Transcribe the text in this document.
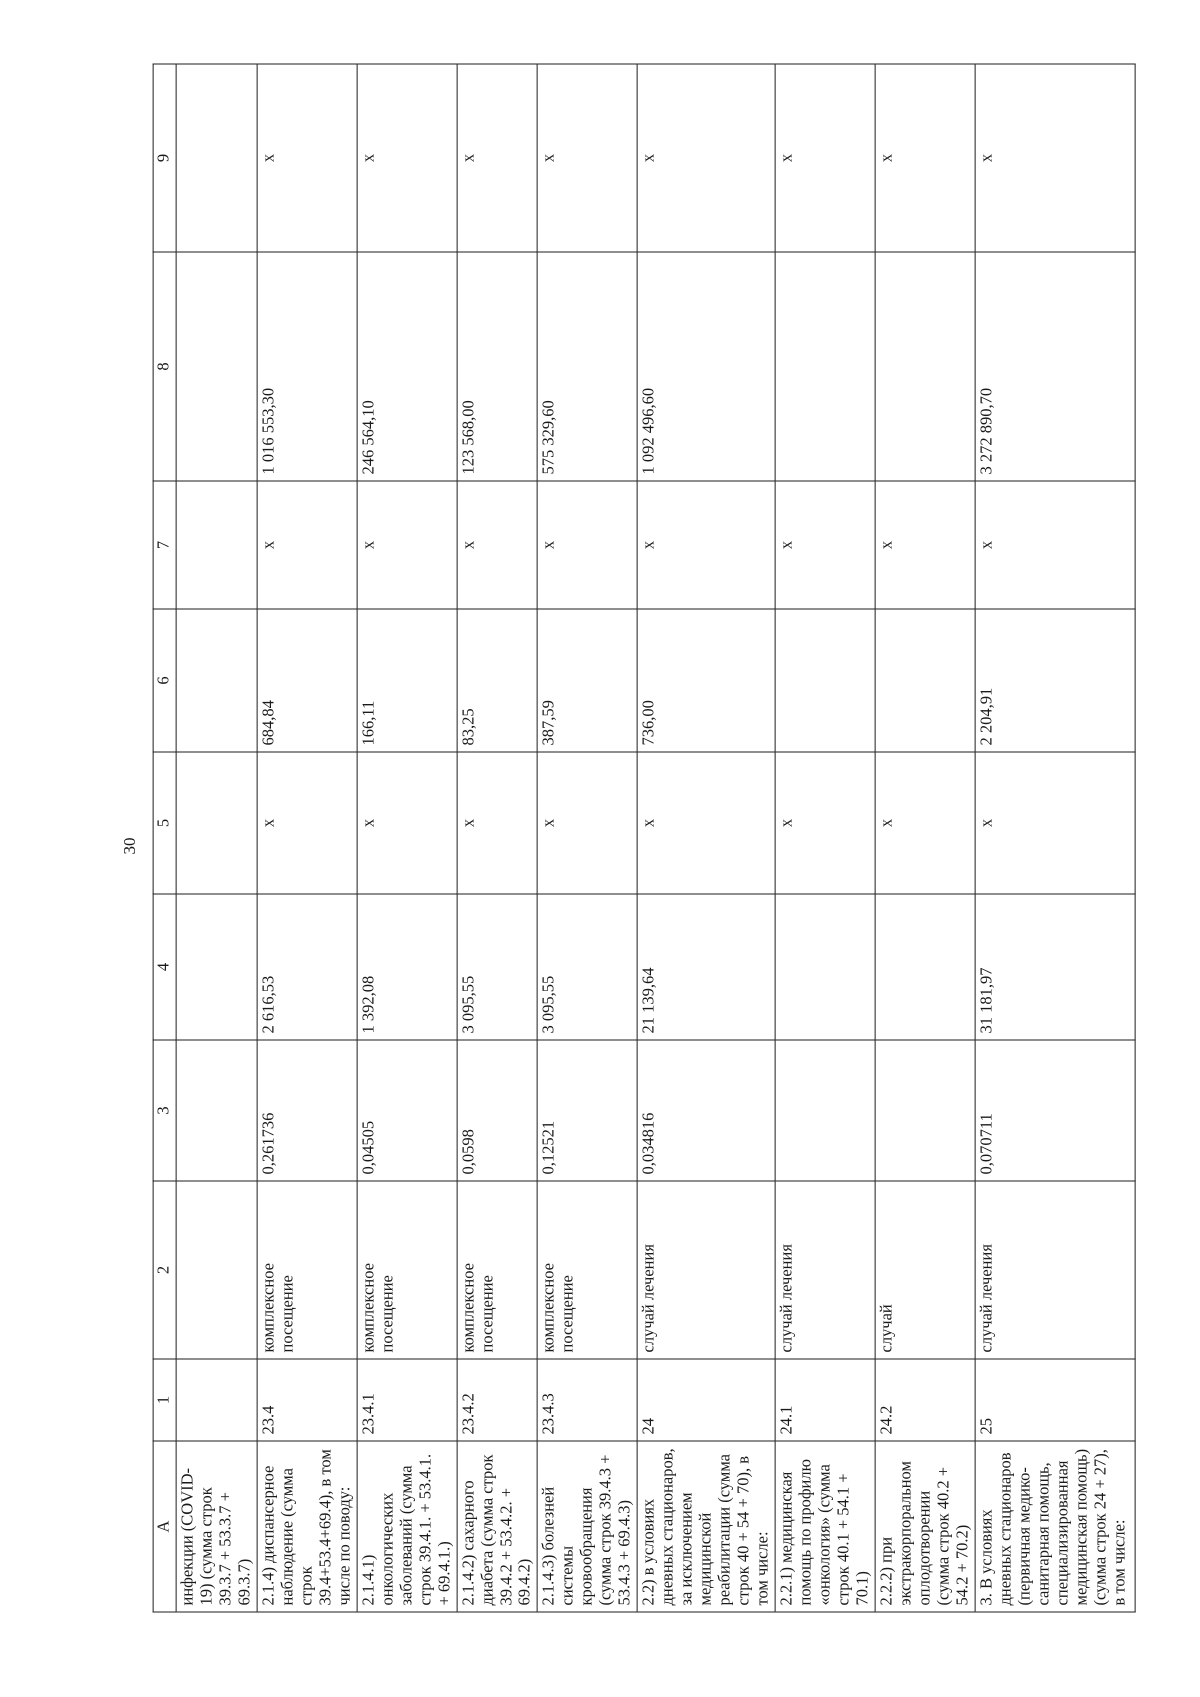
30
А	1	2	3	4	5	6	7	8	9
инфекции (COVID-19) (сумма строк 39.3.7 + 53.3.7 + 69.3.7)									
2.1.4) диспансерное наблюдение (сумма строк 39.4+53.4+69.4), в том числе по поводу:	23.4	комплексное посещение	0,261736	2 616,53	x	684,84	x	1 016 553,30	x
2.1.4.1) онкологических заболеваний (сумма строк 39.4.1. + 53.4.1. + 69.4.1.)	23.4.1	комплексное посещение	0,04505	1 392,08	x	166,11	x	246 564,10	x
2.1.4.2) сахарного диабета (сумма строк 39.4.2 + 53.4.2. + 69.4.2)	23.4.2	комплексное посещение	0,0598	3 095,55	x	83,25	x	123 568,00	x
2.1.4.3) болезней системы кровообращения (сумма строк 39.4.3 + 53.4.3 + 69.4.3)	23.4.3	комплексное посещение	0,12521	3 095,55	x	387,59	x	575 329,60	x
2.2) в условиях дневных стационаров, за исключением медицинской реабилитации (сумма строк 40 + 54 + 70), в том числе:	24	случай лечения	0,034816	21 139,64	x	736,00	x	1 092 496,60	x
2.2.1) медицинская помощь по профилю «онкология» (сумма строк 40.1 + 54.1 + 70.1)	24.1	случай лечения			x		x		x
2.2.2) при экстракорпоральном оплодотворении (сумма строк 40.2 + 54.2 + 70.2)	24.2	случай			x		x		x
3. В условиях дневных стационаров (первичная медико-санитарная помощь, специализированная медицинская помощь) (сумма строк 24 + 27), в том числе:	25	случай лечения	0,070711	31 181,97	x	2 204,91	x	3 272 890,70	x
